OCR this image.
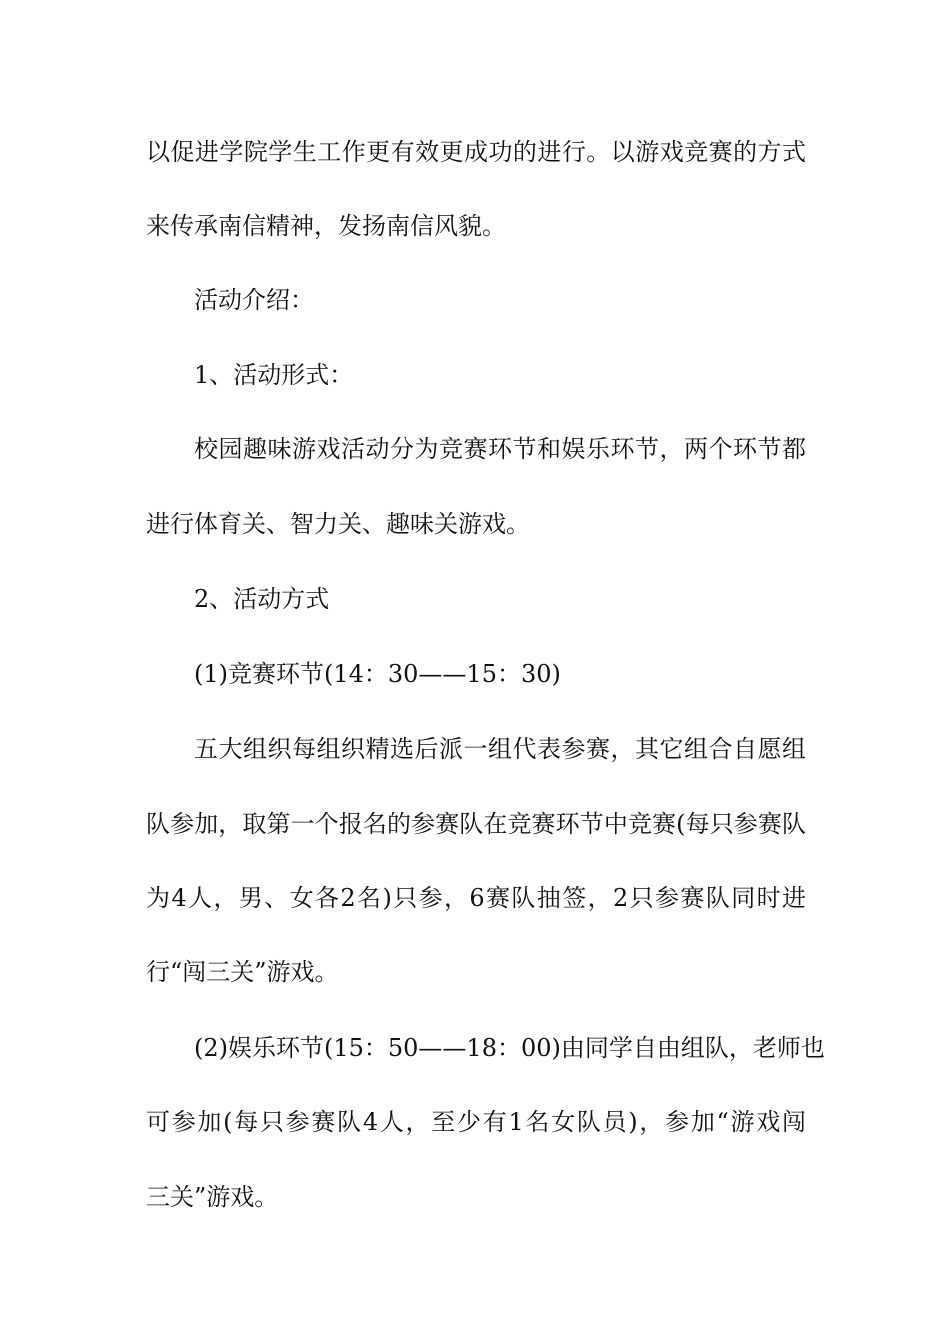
以促进学院学生工作更有效更成功的进行。以游戏竞赛的方式
来传承南信精神，发扬南信风貌。
活动介绍：
1、活动形式：
校园趣味游戏活动分为竞赛环节和娱乐环节，两个环节都
进行体育关、智力关、趣味关游戏。
2、活动方式
(1)竞赛环节(14：30——15：30)
五大组织每组织精选后派一组代表参赛，其它组合自愿组
队参加，取第一个报名的参赛队在竞赛环节中竞赛(每只参赛队
为4人，男、女各2名)只参，6赛队抽签，2只参赛队同时进
行“闯三关”游戏。
(2)娱乐环节(15：50——18：00)由同学自由组队，老师也
可参加(每只参赛队4人，至少有1名女队员)，参加“游戏闯
三关”游戏。
